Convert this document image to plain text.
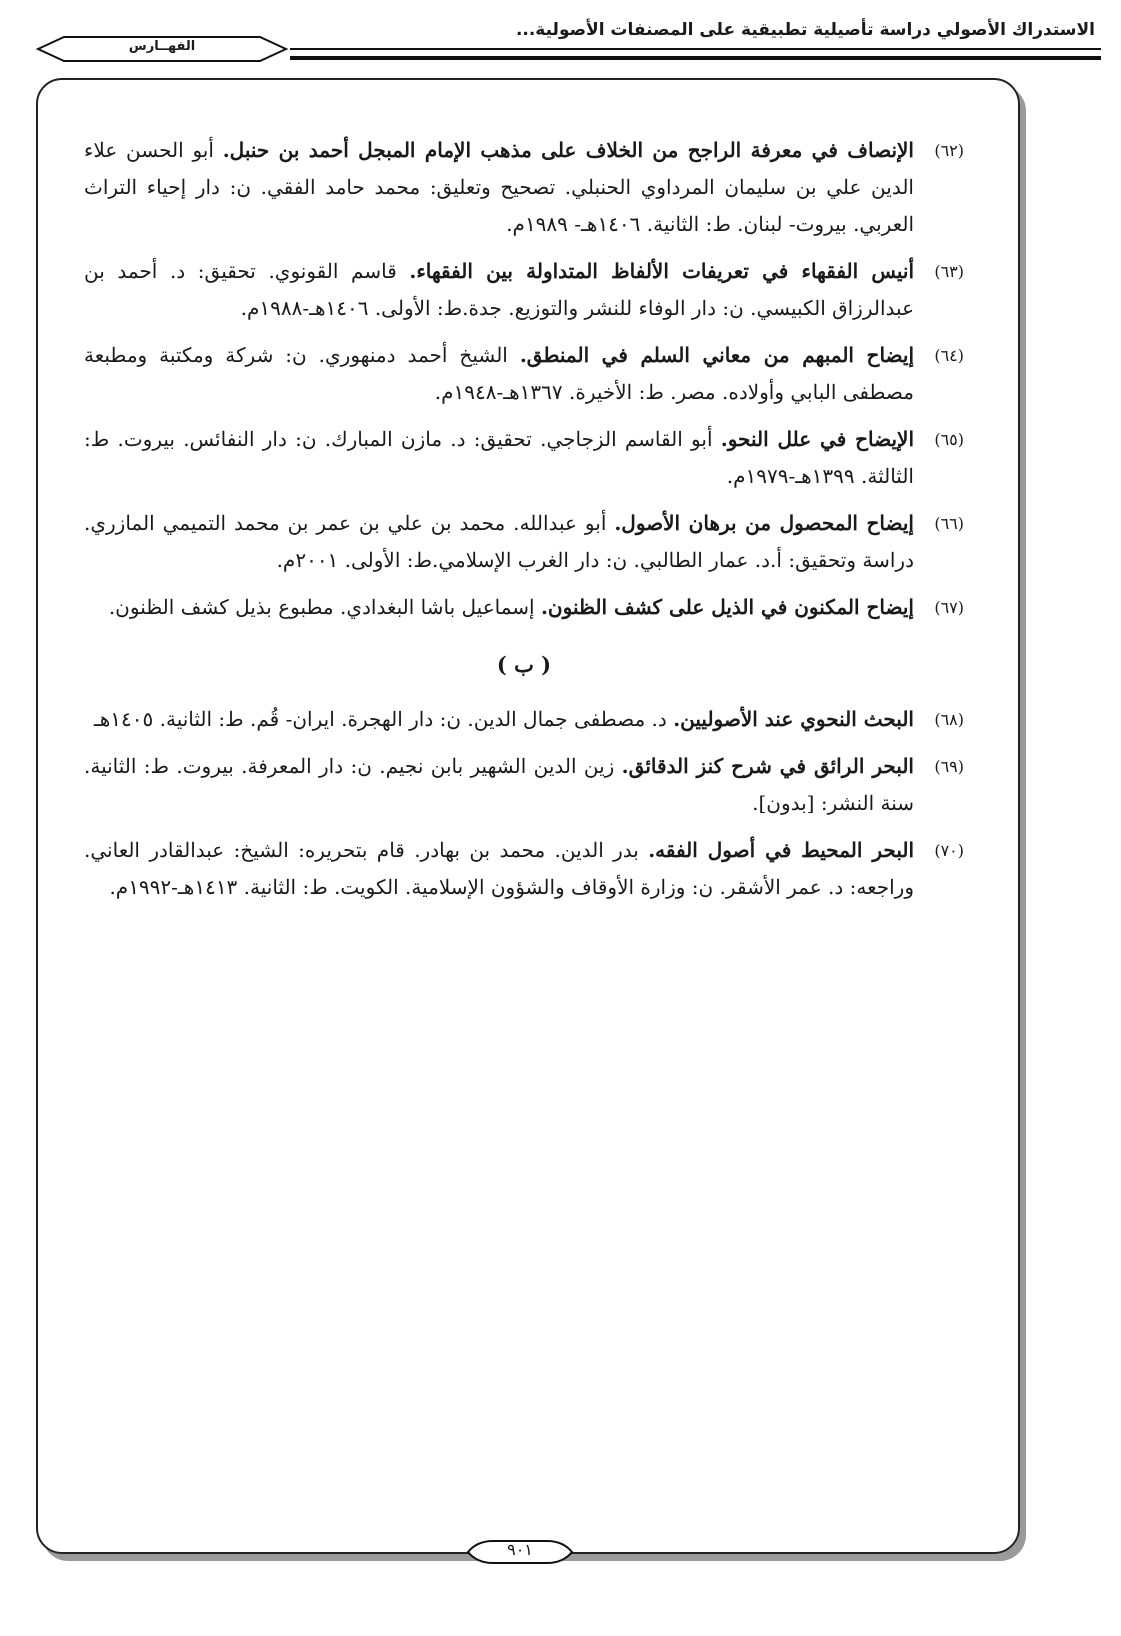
الاستدراك الأصولي دراسة تأصيلية تطبيقية على المصنفات الأصولية...
الفهــارس
(٦٢)
الإنصاف في معرفة الراجح من الخلاف على مذهب الإمام المبجل أحمد بن حنبل. أبو الحسن علاء الدين علي بن سليمان المرداوي الحنبلي. تصحيح وتعليق: محمد حامد الفقي. ن: دار إحياء التراث العربي. بيروت- لبنان. ط: الثانية. ١٤٠٦هـ- ١٩٨٩م.
(٦٣)
أنيس الفقهاء في تعريفات الألفاظ المتداولة بين الفقهاء. قاسم القونوي. تحقيق: د. أحمد بن عبدالرزاق الكبيسي. ن: دار الوفاء للنشر والتوزيع. جدة.ط: الأولى. ١٤٠٦هـ-١٩٨٨م.
(٦٤)
إيضاح المبهم من معاني السلم في المنطق. الشيخ أحمد دمنهوري. ن: شركة ومكتبة ومطبعة مصطفى البابي وأولاده. مصر. ط: الأخيرة. ١٣٦٧هـ-١٩٤٨م.
(٦٥)
الإيضاح في علل النحو. أبو القاسم الزجاجي. تحقيق: د. مازن المبارك. ن: دار النفائس. بيروت. ط: الثالثة. ١٣٩٩هـ-١٩٧٩م.
(٦٦)
إيضاح المحصول من برهان الأصول. أبو عبدالله. محمد بن علي بن عمر بن محمد التميمي المازري. دراسة وتحقيق: أ.د. عمار الطالبي. ن: دار الغرب الإسلامي.ط: الأولى. ٢٠٠١م.
(٦٧)
إيضاح المكنون في الذيل على كشف الظنون. إسماعيل باشا البغدادي. مطبوع بذيل كشف الظنون.
( ب )
(٦٨)
البحث النحوي عند الأصوليين. د. مصطفى جمال الدين. ن: دار الهجرة. ايران- قُم. ط: الثانية. ١٤٠٥هـ
(٦٩)
البحر الرائق في شرح كنز الدقائق. زين الدين الشهير بابن نجيم. ن: دار المعرفة. بيروت. ط: الثانية. سنة النشر: [بدون].
(٧٠)
البحر المحيط في أصول الفقه. بدر الدين. محمد بن بهادر. قام بتحريره: الشيخ: عبدالقادر العاني. وراجعه: د. عمر الأشقر. ن: وزارة الأوقاف والشؤون الإسلامية. الكويت. ط: الثانية. ١٤١٣هـ-١٩٩٢م.
٩٠١
